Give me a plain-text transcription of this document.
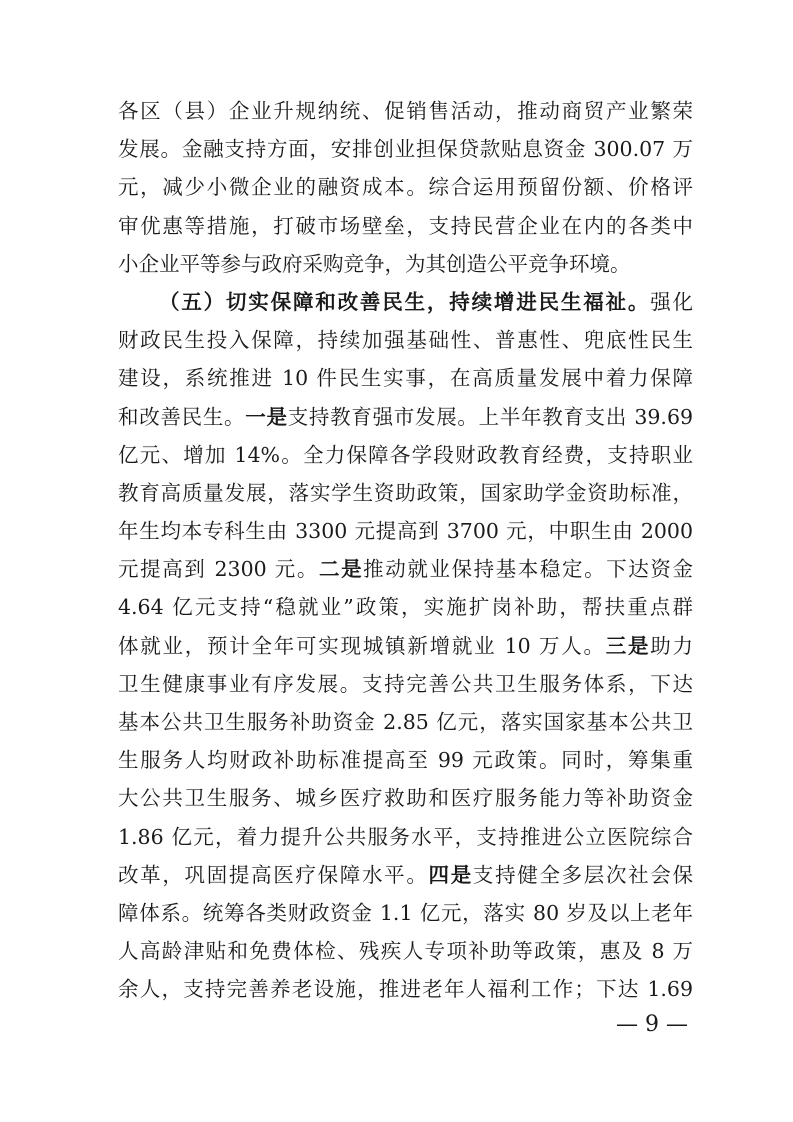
各区（县）企业升规纳统、促销售活动，推动商贸产业繁荣
发展。金融支持方面，安排创业担保贷款贴息资金 300.07 万
元，减少小微企业的融资成本。综合运用预留份额、价格评
审优惠等措施，打破市场壁垒，支持民营企业在内的各类中
小企业平等参与政府采购竞争，为其创造公平竞争环境。
（五）切实保障和改善民生，持续增进民生福祉。强化
财政民生投入保障，持续加强基础性、普惠性、兜底性民生
建设，系统推进 10 件民生实事，在高质量发展中着力保障
和改善民生。一是支持教育强市发展。上半年教育支出 39.69
亿元、增加 14%。全力保障各学段财政教育经费，支持职业
教育高质量发展，落实学生资助政策，国家助学金资助标准，
年生均本专科生由 3300 元提高到 3700 元，中职生由 2000
元提高到 2300 元。二是推动就业保持基本稳定。下达资金
4.64 亿元支持“稳就业”政策，实施扩岗补助，帮扶重点群
体就业，预计全年可实现城镇新增就业 10 万人。三是助力
卫生健康事业有序发展。支持完善公共卫生服务体系，下达
基本公共卫生服务补助资金 2.85 亿元，落实国家基本公共卫
生服务人均财政补助标准提高至 99 元政策。同时，筹集重
大公共卫生服务、城乡医疗救助和医疗服务能力等补助资金
1.86 亿元，着力提升公共服务水平，支持推进公立医院综合
改革，巩固提高医疗保障水平。四是支持健全多层次社会保
障体系。统筹各类财政资金 1.1 亿元，落实 80 岁及以上老年
人高龄津贴和免费体检、残疾人专项补助等政策，惠及 8 万
余人，支持完善养老设施，推进老年人福利工作；下达 1.69
— 9 —
